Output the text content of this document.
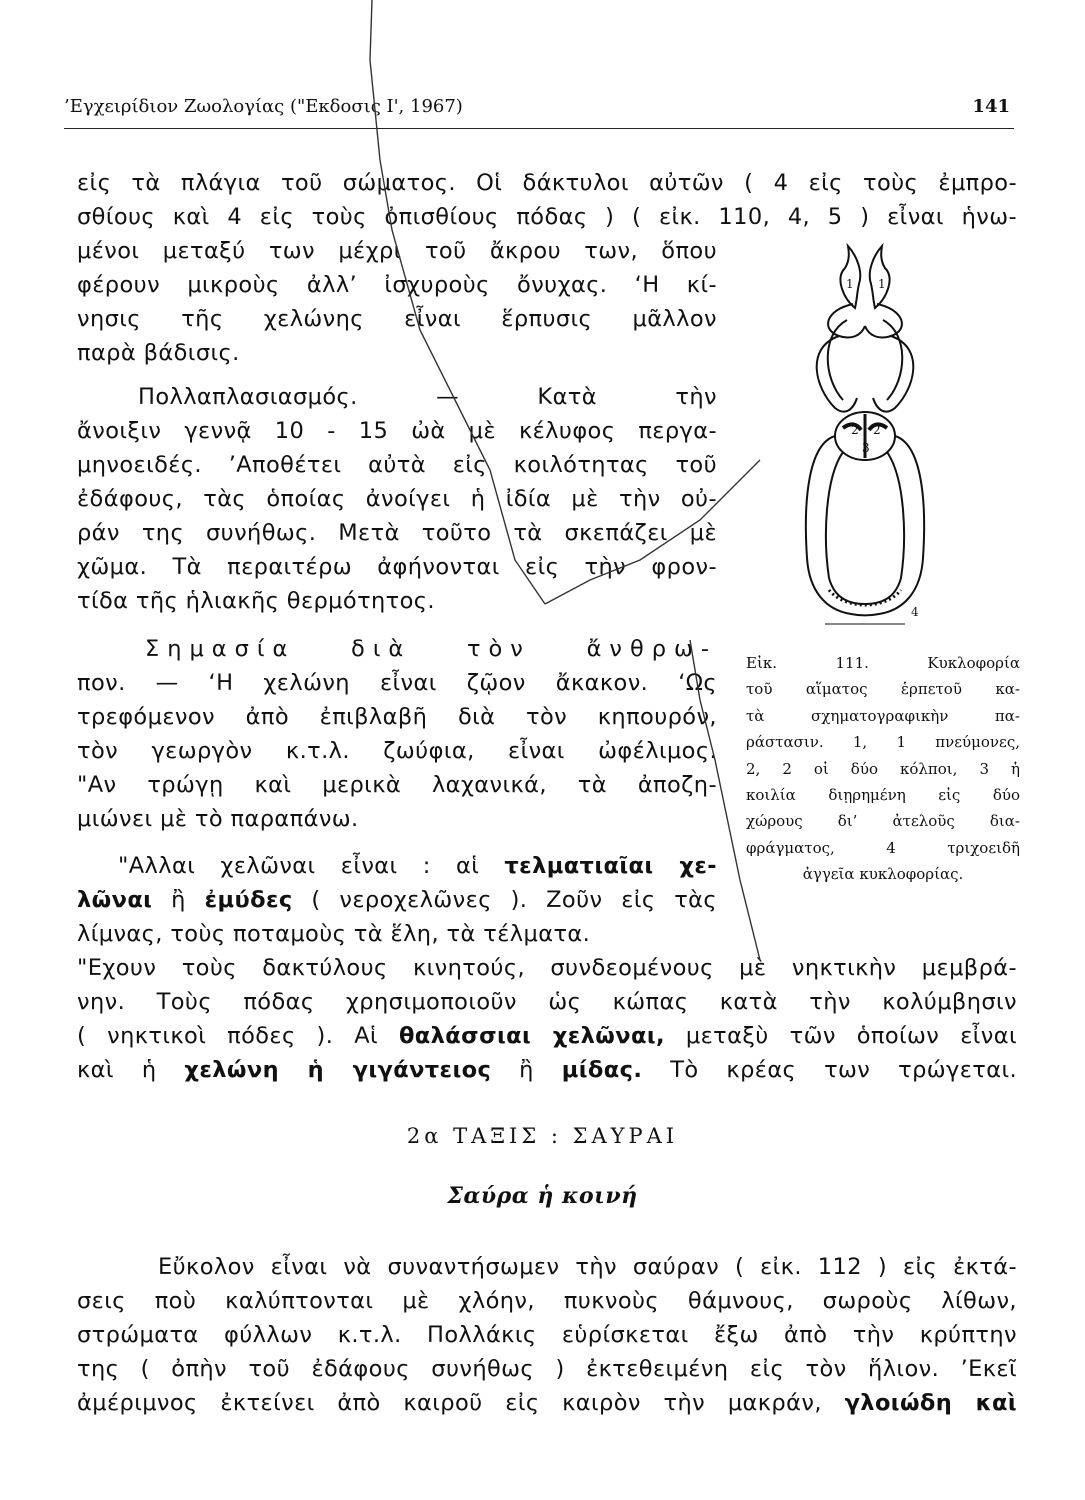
’Εγχειρίδιον Ζωολογίας ("Εκδοσις Ι', 1967)	141
εἰς τὰ πλάγια τοῦ σώματος. Οἱ δάκτυλοι αὐτῶν ( 4 εἰς τοὺς ἐμπρο-
σθίους καὶ 4 εἰς τοὺς ὀπισθίους πόδας ) ( εἰκ. 110, 4, 5 ) εἶναι ἡνω-
μένοι μεταξύ των μέχρι τοῦ ἄκρου των, ὅπου
φέρουν μικροὺς ἀλλ’ ἰσχυροὺς ὄνυχας. ‘Η κί-
νησις τῆς χελώνης εἶναι ἕρπυσις μᾶλλον
παρὰ βάδισις.
Πολλαπλασιασμός. — Κατὰ τὴν
ἄνοιξιν γεννᾷ 10 - 15 ὠὰ μὲ κέλυφος περγα-
μηνοειδές. ’Αποθέτει αὐτὰ εἰς κοιλότητας τοῦ
ἐδάφους, τὰς ὁποίας ἀνοίγει ἡ ἰδία μὲ τὴν οὐ-
ράν της συνήθως. Μετὰ τοῦτο τὰ σκεπάζει μὲ
χῶμα. Τὰ περαιτέρω ἀφήνονται εἰς τὴν φρον-
τίδα τῆς ἡλιακῆς θερμότητος.
Σημασία διὰ τὸν ἄνθρω-
πον. — ‘Η χελώνη εἶναι ζῷον ἄκακον. ‘Ως
τρεφόμενον ἀπὸ ἐπιβλαβῆ διὰ τὸν κηπουρόν,
τὸν γεωργὸν κ.τ.λ. ζωύφια, εἶναι ὠφέλιμος.
"Αν τρώγῃ καὶ μερικὰ λαχανικά, τὰ ἀποζη-
μιώνει μὲ τὸ παραπάνω.
"Αλλαι χελῶναι εἶναι : αἱ τελματιαῖαι χε-
λῶναι ἢ ἐμύδες ( νεροχελῶνες ). Ζοῦν εἰς τὰς
λίμνας, τοὺς ποταμοὺς τὰ ἕλη, τὰ τέλματα.
"Εχουν τοὺς δακτύλους κινητούς, συνδεομένους μὲ νηκτικὴν μεμβρά-
νην. Τοὺς πόδας χρησιμοποιοῦν ὡς κώπας κατὰ τὴν κολύμβησιν
( νηκτικοὶ πόδες ). Αἱ θαλάσσιαι χελῶναι, μεταξὺ τῶν ὁποίων εἶναι
καὶ ἡ χελώνη ἡ γιγάντειος ἢ μίδας. Τὸ κρέας των τρώγεται.
2α ΤΑΞΙΣ : ΣΑΥΡΑΙ
Σαύρα ἡ κοινή
Εὔκολον εἶναι νὰ συναντήσωμεν τὴν σαύραν ( εἰκ. 112 ) εἰς ἐκτά-
σεις ποὺ καλύπτονται μὲ χλόην, πυκνοὺς θάμνους, σωροὺς λίθων,
στρώματα φύλλων κ.τ.λ. Πολλάκις εὑρίσκεται ἔξω ἀπὸ τὴν κρύπτην
της ( ὀπὴν τοῦ ἐδάφους συνήθως ) ἐκτεθειμένη εἰς τὸν ἥλιον. ’Εκεῖ
ἀμέριμνος ἐκτείνει ἀπὸ καιροῦ εἰς καιρὸν τὴν μακράν, γλοιώδη καὶ
1 1
2 2
3
4
Εἰκ. 111. Κυκλοφορία
τοῦ αἵματος ἑρπετοῦ κα-
τὰ σχηματογραφικὴν πα-
ράστασιν. 1, 1 πνεύμονες,
2, 2 οἱ δύο κόλποι, 3 ἡ
κοιλία διῃρημένη εἰς δύο
χώρους δι’ ἀτελοῦς δια-
φράγματος, 4 τριχοειδῆ
ἀγγεῖα κυκλοφορίας.
